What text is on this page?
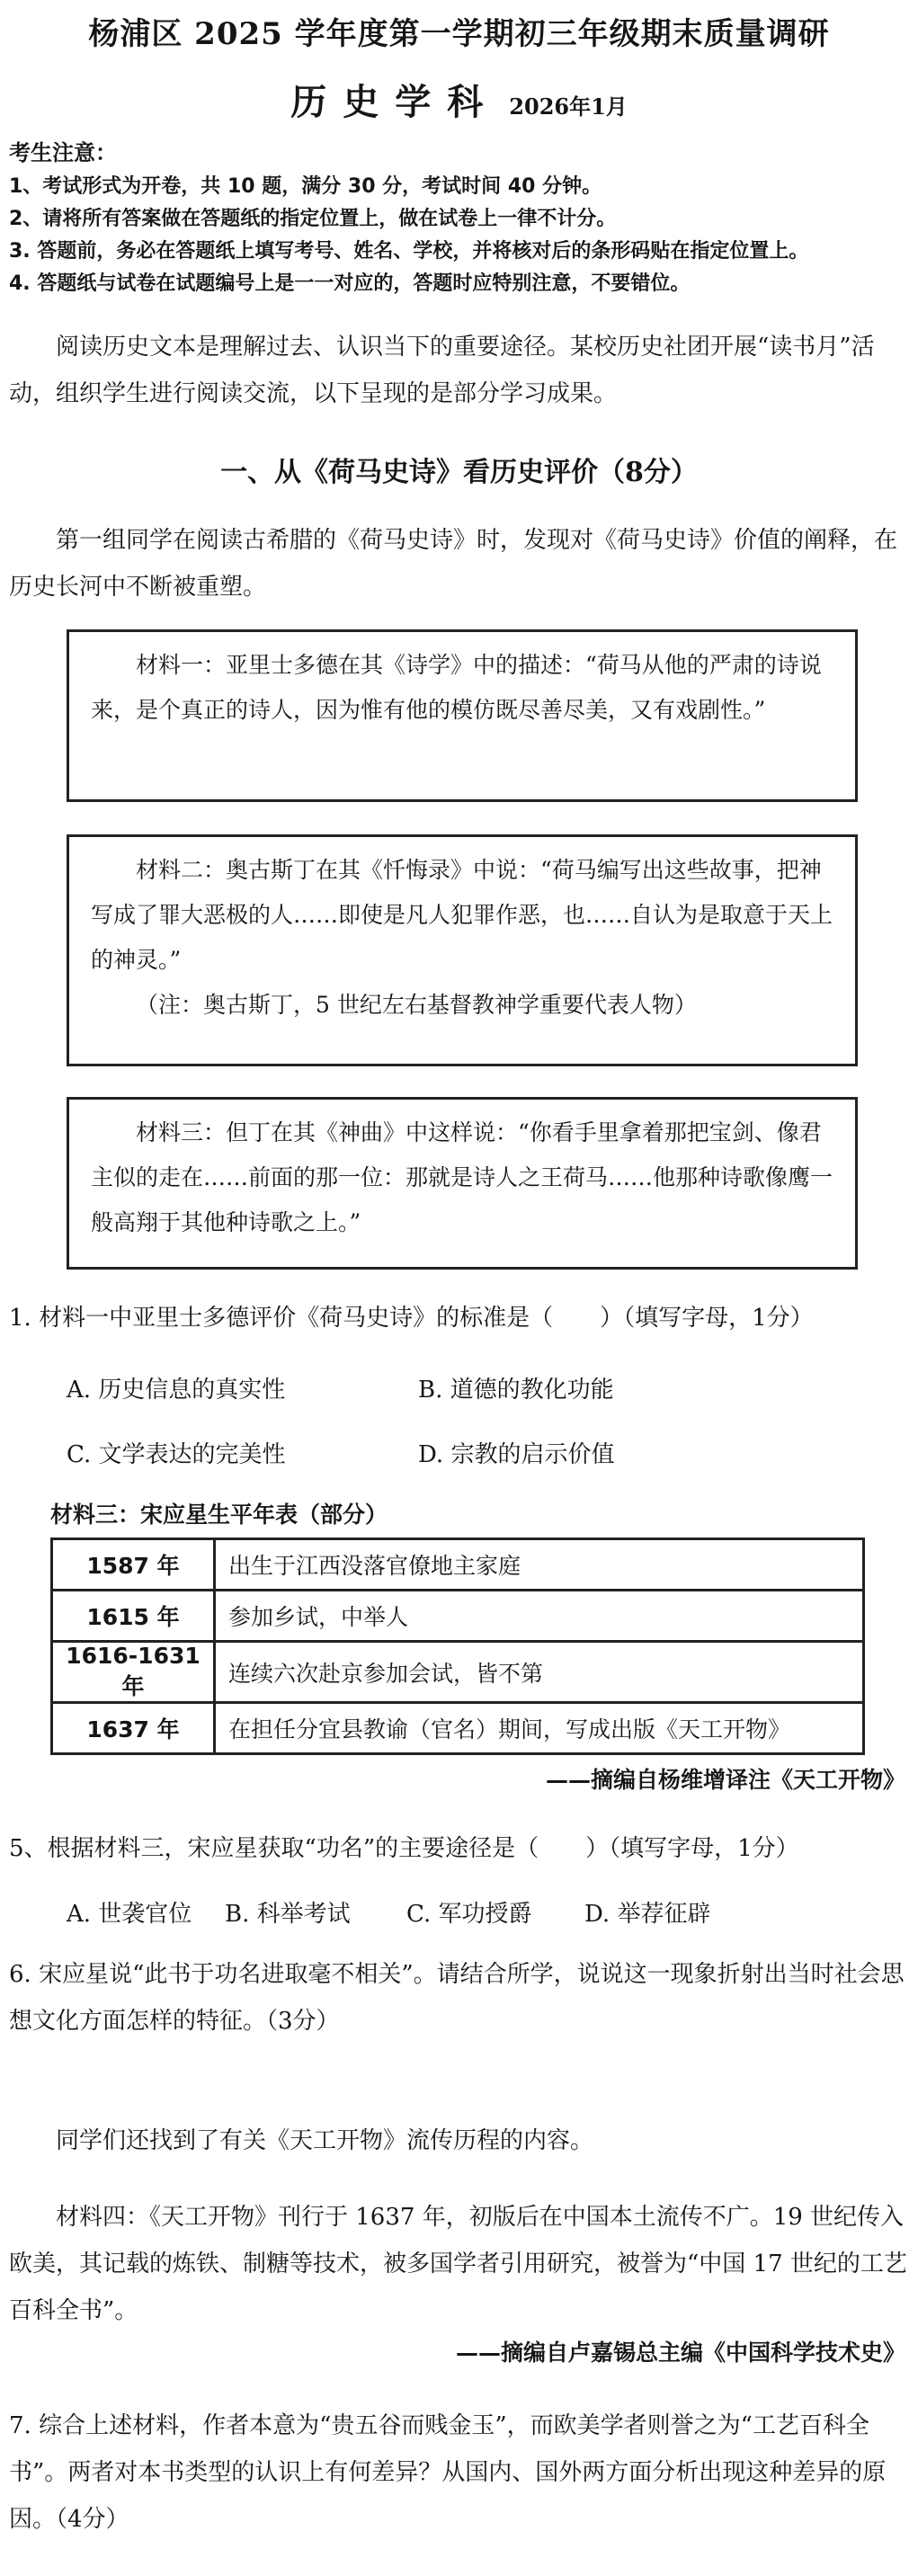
杨浦区 2025 学年度第一学期初三年级期末质量调研
历史学科 2026年1月
考生注意：
1、考试形式为开卷，共 10 题，满分 30 分，考试时间 40 分钟。
2、请将所有答案做在答题纸的指定位置上，做在试卷上一律不计分。
3. 答题前，务必在答题纸上填写考号、姓名、学校，并将核对后的条形码贴在指定位置上。
4. 答题纸与试卷在试题编号上是一一对应的，答题时应特别注意，不要错位。
阅读历史文本是理解过去、认识当下的重要途径。某校历史社团开展“读书月”活动，组织学生进行阅读交流，以下呈现的是部分学习成果。
一、从《荷马史诗》看历史评价（8分）
第一组同学在阅读古希腊的《荷马史诗》时，发现对《荷马史诗》价值的阐释，在历史长河中不断被重塑。
材料一：亚里士多德在其《诗学》中的描述：“荷马从他的严肃的诗说来，是个真正的诗人，因为惟有他的模仿既尽善尽美，又有戏剧性。”
材料二：奥古斯丁在其《忏悔录》中说：“荷马编写出这些故事，把神写成了罪大恶极的人……即使是凡人犯罪作恶，也……自认为是取意于天上的神灵。”
（注：奥古斯丁，5 世纪左右基督教神学重要代表人物）
材料三：但丁在其《神曲》中这样说：“你看手里拿着那把宝剑、像君主似的走在……前面的那一位：那就是诗人之王荷马……他那种诗歌像鹰一般高翔于其他种诗歌之上。”
1. 材料一中亚里士多德评价《荷马史诗》的标准是（　　）（填写字母，1分）
A. 历史信息的真实性	B. 道德的教化功能
C. 文学表达的完美性	D. 宗教的启示价值
材料三：宋应星生平年表（部分）
1587 年	出生于江西没落官僚地主家庭
1615 年	参加乡试，中举人
1616-1631 年	连续六次赴京参加会试，皆不第
1637 年	在担任分宜县教谕（官名）期间，写成出版《天工开物》
——摘编自杨维增译注《天工开物》
5、根据材料三，宋应星获取“功名”的主要途径是（　　）（填写字母，1分）
A. 世袭官位 B. 科举考试 C. 军功授爵 D. 举荐征辟
6. 宋应星说“此书于功名进取毫不相关”。请结合所学，说说这一现象折射出当时社会思想文化方面怎样的特征。（3分）
同学们还找到了有关《天工开物》流传历程的内容。
材料四：《天工开物》刊行于 1637 年，初版后在中国本土流传不广。19 世纪传入欧美，其记载的炼铁、制糖等技术，被多国学者引用研究，被誉为“中国 17 世纪的工艺百科全书”。
——摘编自卢嘉锡总主编《中国科学技术史》
7. 综合上述材料，作者本意为“贵五谷而贱金玉”，而欧美学者则誉之为“工艺百科全书”。两者对本书类型的认识上有何差异？从国内、国外两方面分析出现这种差异的原因。（4分）
